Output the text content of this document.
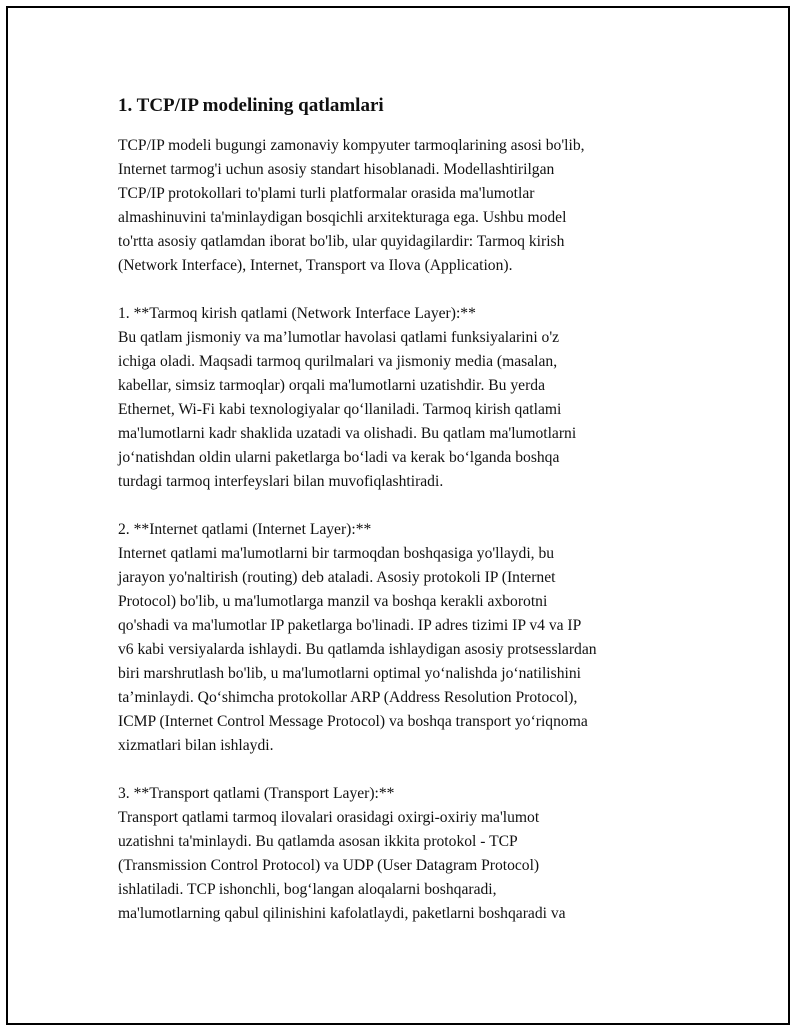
1. TCP/IP modelining qatlamlari

TCP/IP modeli bugungi zamonaviy kompyuter tarmoqlarining asosi bo'lib,
Internet tarmog'i uchun asosiy standart hisoblanadi. Modellashtirilgan
TCP/IP protokollari to'plami turli platformalar orasida ma'lumotlar
almashinuvini ta'minlaydigan bosqichli arxitekturaga ega. Ushbu model
to'rtta asosiy qatlamdan iborat bo'lib, ular quyidagilardir: Tarmoq kirish
(Network Interface), Internet, Transport va Ilova (Application).

1. **Tarmoq kirish qatlami (Network Interface Layer):**
Bu qatlam jismoniy va ma’lumotlar havolasi qatlami funksiyalarini o'z
ichiga oladi. Maqsadi tarmoq qurilmalari va jismoniy media (masalan,
kabellar, simsiz tarmoqlar) orqali ma'lumotlarni uzatishdir. Bu yerda
Ethernet, Wi-Fi kabi texnologiyalar qo‘llaniladi. Tarmoq kirish qatlami
ma'lumotlarni kadr shaklida uzatadi va olishadi. Bu qatlam ma'lumotlarni
jo‘natishdan oldin ularni paketlarga bo‘ladi va kerak bo‘lganda boshqa
turdagi tarmoq interfeyslari bilan muvofiqlashtiradi.

2. **Internet qatlami (Internet Layer):**
Internet qatlami ma'lumotlarni bir tarmoqdan boshqasiga yo'llaydi, bu
jarayon yo'naltirish (routing) deb ataladi. Asosiy protokoli IP (Internet
Protocol) bo'lib, u ma'lumotlarga manzil va boshqa kerakli axborotni
qo'shadi va ma'lumotlar IP paketlarga bo'linadi. IP adres tizimi IP v4 va IP
v6 kabi versiyalarda ishlaydi. Bu qatlamda ishlaydigan asosiy protsesslardan
biri marshrutlash bo'lib, u ma'lumotlarni optimal yo‘nalishda jo‘natilishini
ta’minlaydi. Qo‘shimcha protokollar ARP (Address Resolution Protocol),
ICMP (Internet Control Message Protocol) va boshqa transport yo‘riqnoma
xizmatlari bilan ishlaydi.

3. **Transport qatlami (Transport Layer):**
Transport qatlami tarmoq ilovalari orasidagi oxirgi-oxiriy ma'lumot
uzatishni ta'minlaydi. Bu qatlamda asosan ikkita protokol - TCP
(Transmission Control Protocol) va UDP (User Datagram Protocol)
ishlatiladi. TCP ishonchli, bog‘langan aloqalarni boshqaradi,
ma'lumotlarning qabul qilinishini kafolatlaydi, paketlarni boshqaradi va
